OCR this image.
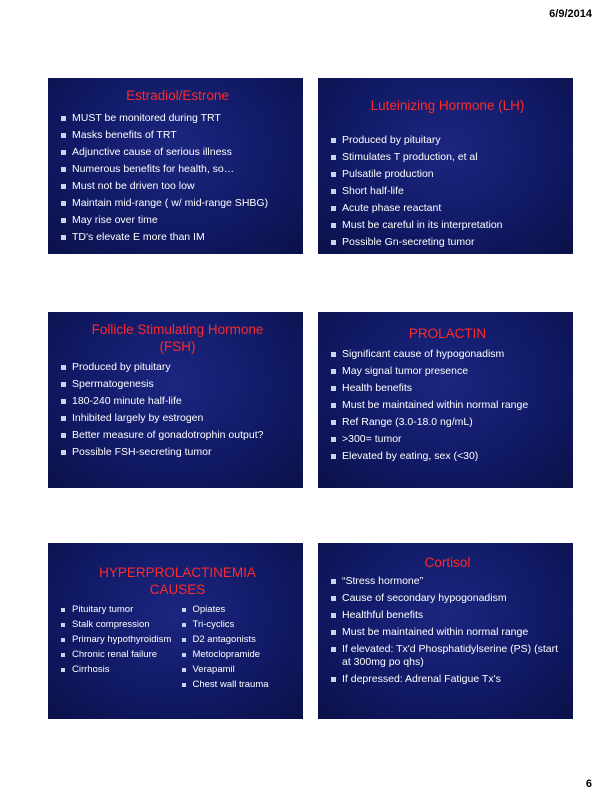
6/9/2014
Estradiol/Estrone
MUST be monitored during TRT
Masks benefits of TRT
Adjunctive cause of serious illness
Numerous benefits for health, so…
Must not be driven too low
Maintain mid-range ( w/ mid-range SHBG)
May rise over time
TD's elevate E more than IM
Luteinizing Hormone (LH)
Produced by pituitary
Stimulates T production, et al
Pulsatile production
Short half-life
Acute phase reactant
Must be careful in its interpretation
Possible Gn-secreting tumor
Follicle Stimulating Hormone (FSH)
Produced by pituitary
Spermatogenesis
180-240 minute half-life
Inhibited largely by estrogen
Better measure of gonadotrophin output?
Possible FSH-secreting tumor
PROLACTIN
Significant cause of hypogonadism
May signal tumor presence
Health benefits
Must be maintained within normal range
Ref Range (3.0-18.0 ng/mL)
>300= tumor
Elevated by eating, sex (<30)
HYPERPROLACTINEMIA CAUSES
Pituitary tumor
Stalk compression
Primary hypothyroidism
Chronic renal failure
Cirrhosis
Opiates
Tri-cyclics
D2 antagonists
Metoclopramide
Verapamil
Chest wall trauma
Cortisol
“Stress hormone”
Cause of secondary hypogonadism
Healthful benefits
Must be maintained within normal range
If elevated: Tx'd Phosphatidylserine (PS) (start at 300mg po qhs)
If depressed: Adrenal Fatigue Tx's
6
